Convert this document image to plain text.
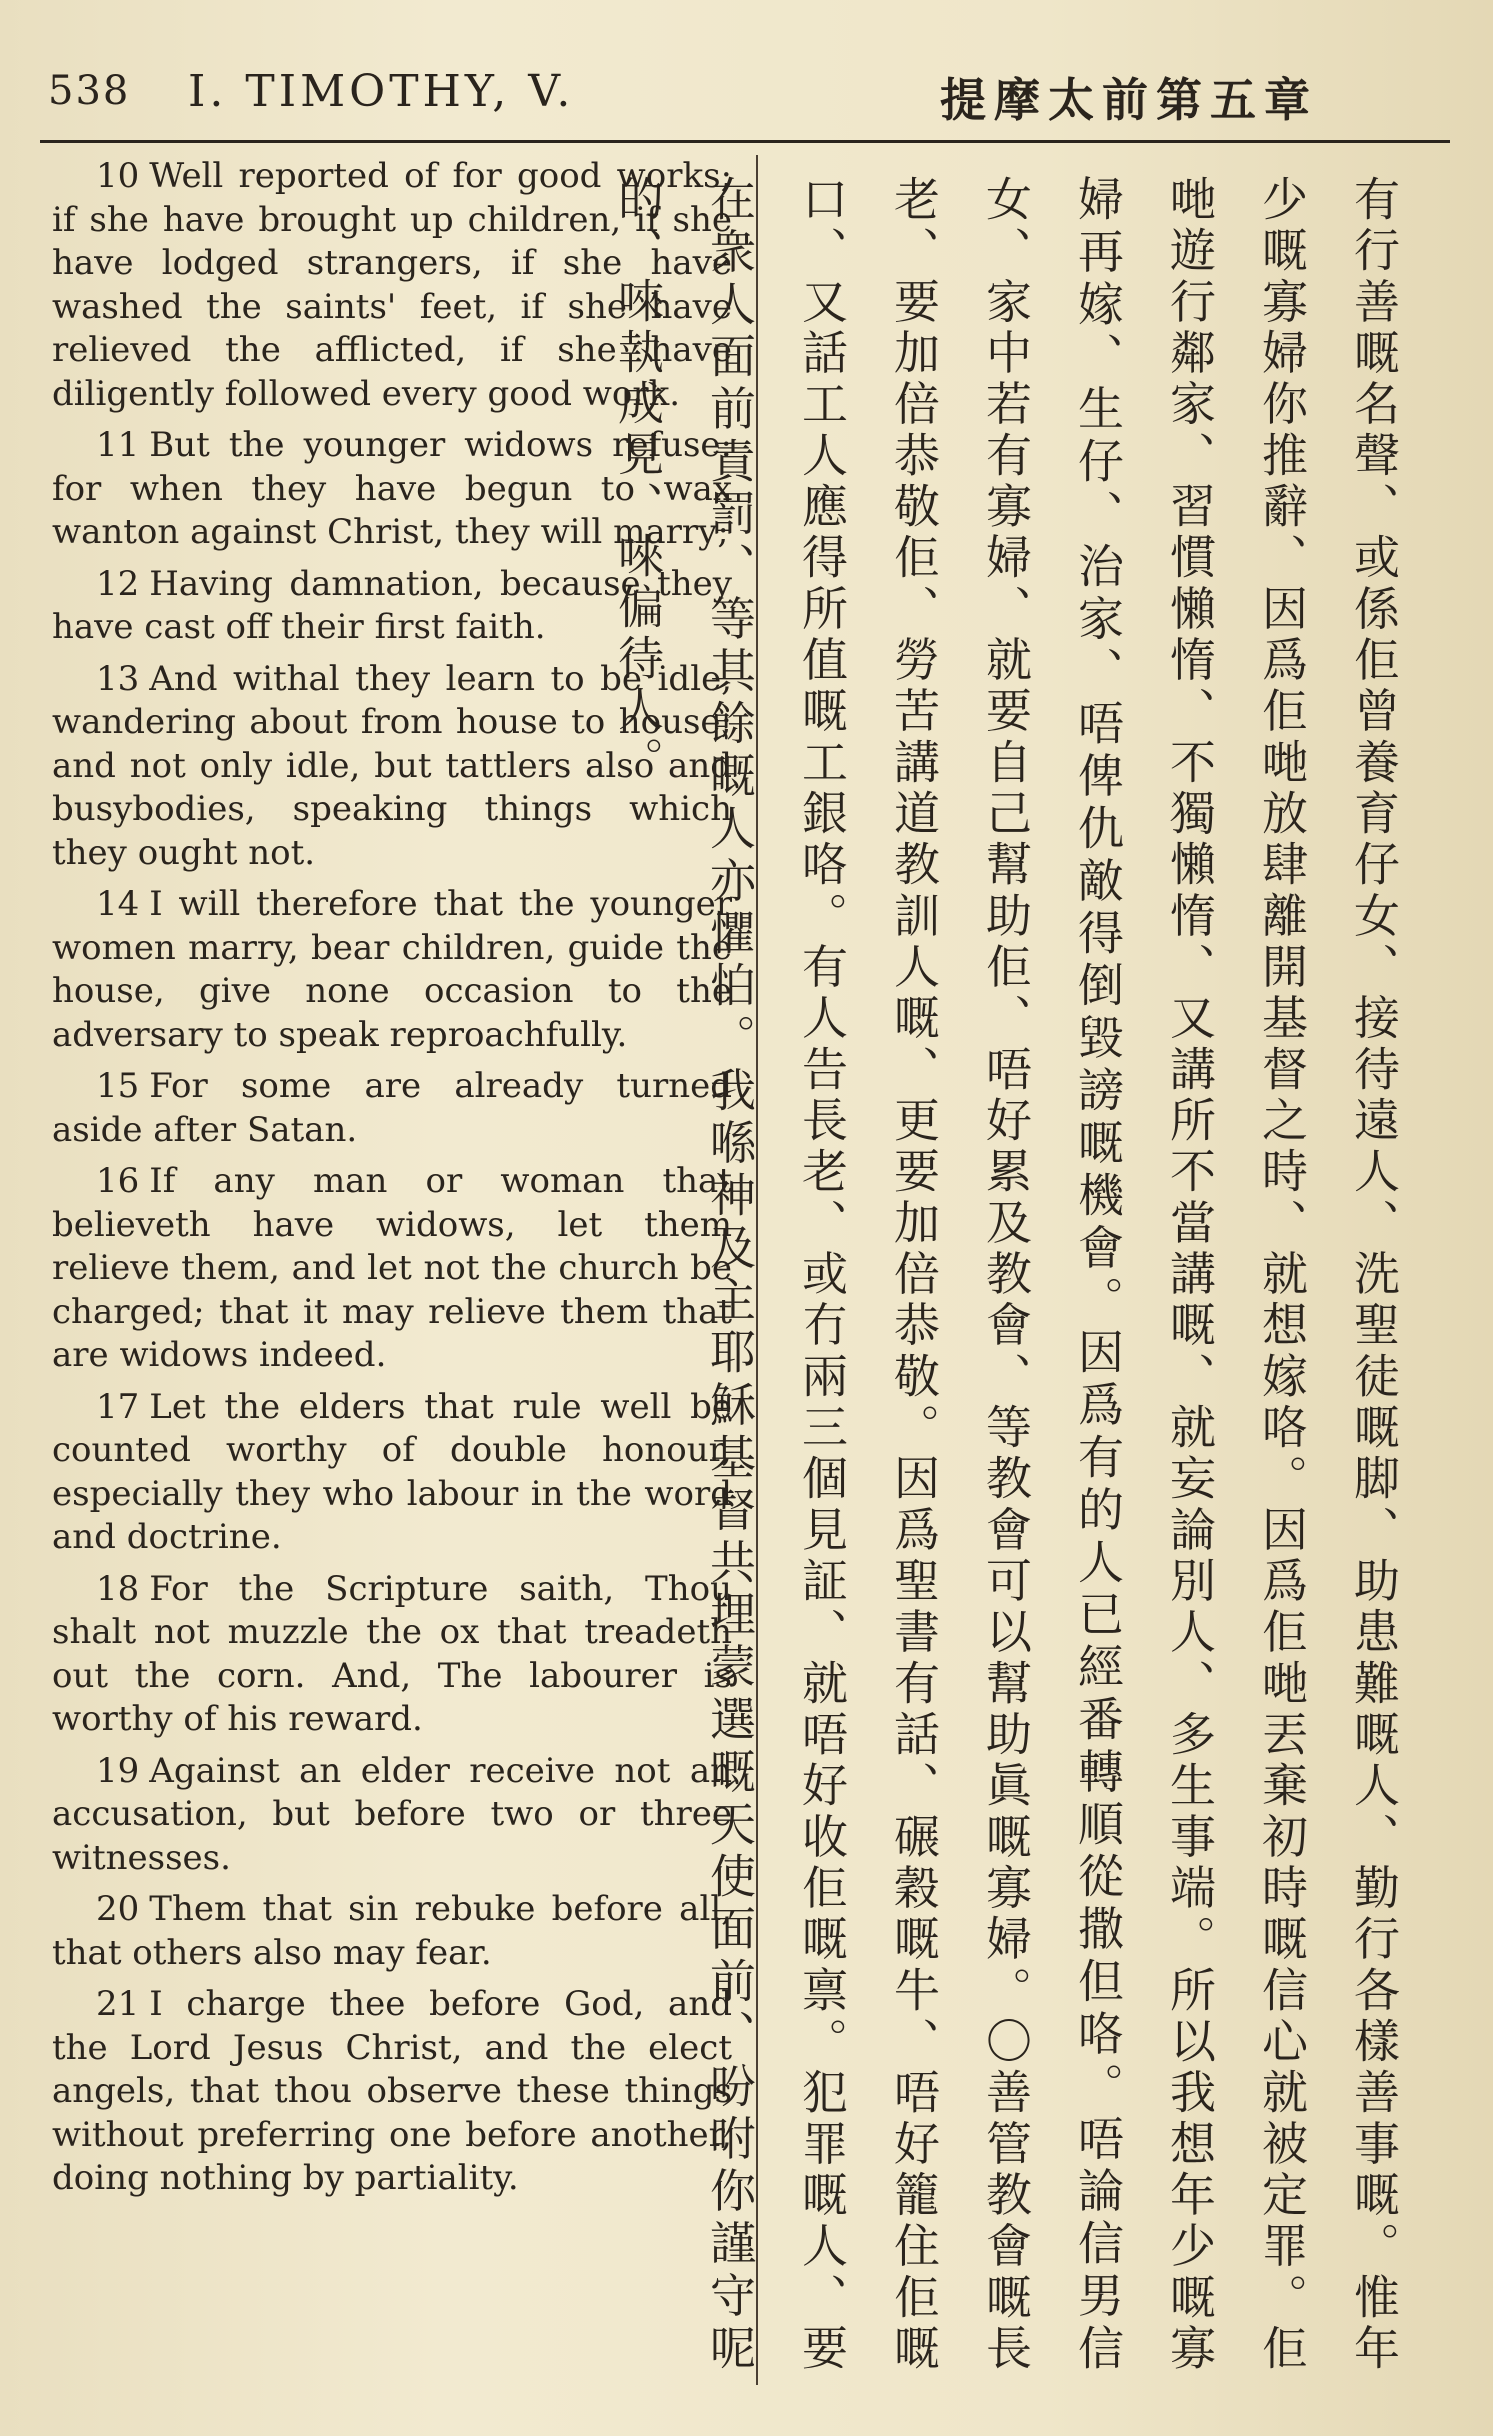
538 I. TIMOTHY, V.	提摩太前第五章

10 Well reported of for good works; if she have brought up children, if she have lodged strangers, if she have washed the saints' feet, if she have relieved the afflicted, if she have diligently followed every good work.

11 But the younger widows refuse: for when they have begun to wax wanton against Christ, they will marry;

12 Having damnation, because they have cast off their first faith.

13 And withal they learn to be idle, wandering about from house to house; and not only idle, but tattlers also and busybodies, speaking things which they ought not.

14 I will therefore that the younger women marry, bear children, guide the house, give none occasion to the adversary to speak reproachfully.

15 For some are already turned aside after Satan.

16 If any man or woman that believeth have widows, let them relieve them, and let not the church be charged; that it may relieve them that are widows indeed.

17 Let the elders that rule well be counted worthy of double honour, especially they who labour in the word and doctrine.

18 For the Scripture saith, Thou shalt not muzzle the ox that treadeth out the corn. And, The labourer is worthy of his reward.

19 Against an elder receive not an accusation, but before two or three witnesses.

20 Them that sin rebuke before all, that others also may fear.

21 I charge thee before God, and the Lord Jesus Christ, and the elect angels, that thou observe these things without preferring one before another, doing nothing by partiality.	有行善嘅名聲、或係佢曾養育仔女、接待遠人、洗聖徒嘅脚、助患難嘅人、勤行各樣善事嘅。惟年少嘅寡婦你推辭、因爲佢哋放肆離開基督之時、就想嫁咯。因爲佢哋丟棄初時嘅信心就被定罪。佢哋遊行鄰家、習慣懶惰、不獨懶惰、又講所不當講嘅、就妄論別人、多生事端。所以我想年少嘅寡婦再嫁、生仔、治家、唔俾仇敵得倒毀謗嘅機會。因爲有的人已經番轉順從撒但咯。唔論信男信女、家中若有寡婦、就要自己幫助佢、唔好累及教會、等教會可以幫助眞嘅寡婦。〇善管教會嘅長老、要加倍恭敬佢、勞苦講道教訓人嘅、更要加倍恭敬。因爲聖書有話、碾穀嘅牛、唔好籠住佢嘅口、又話工人應得所值嘅工銀咯。有人告長老、或冇兩三個見証、就唔好收佢嘅禀。犯罪嘅人、要在衆人面前責罰、等其餘嘅人亦懼怕。我喺神及主耶穌基督共埋蒙選嘅天使面前、吩咐你謹守呢的、唻執成見、唻偏待人。
